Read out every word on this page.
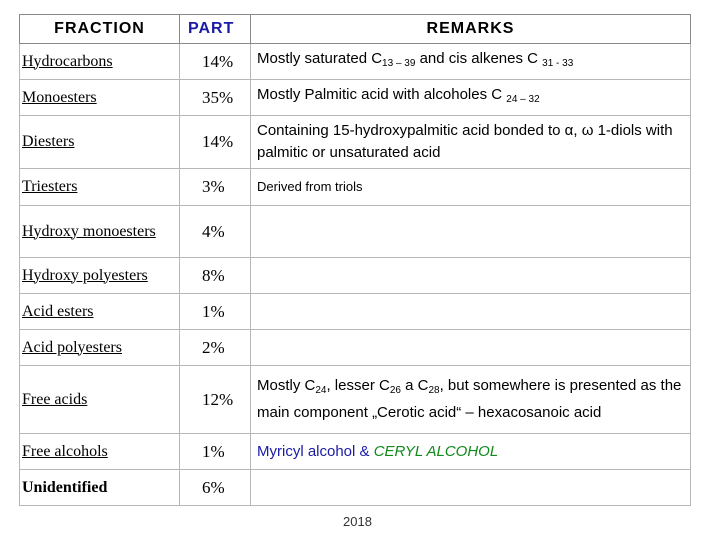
FRACTION	PART	REMARKS
Hydrocarbons	14%	Mostly saturated $C_{13 - 39}$ and cis alkenes C $_{31 - 33}$
Monoesters	35%	Mostly Palmitic acid with alcoholes C $_{24 - 32}$
Diesters	14%	Containing 15-hydroxypalmitic acid bonded to α, ω 1-diols with palmitic or unsaturated acid
Triesters	3%	Derived from triols
Hydroxy monoesters	4%	
Hydroxy polyesters	8%	
Acid esters	1%	
Acid polyesters	2%	
Free acids	12%	Mostly $C_{24}$, lesser $C_{26}$ a $C_{28}$, but somewhere is presented as the main component „Cerotic acid“ – hexacosanoic acid
Free alcohols	1%	Myricyl alcohol & CERYL ALCOHOL
Unidentified	6%	
2018
